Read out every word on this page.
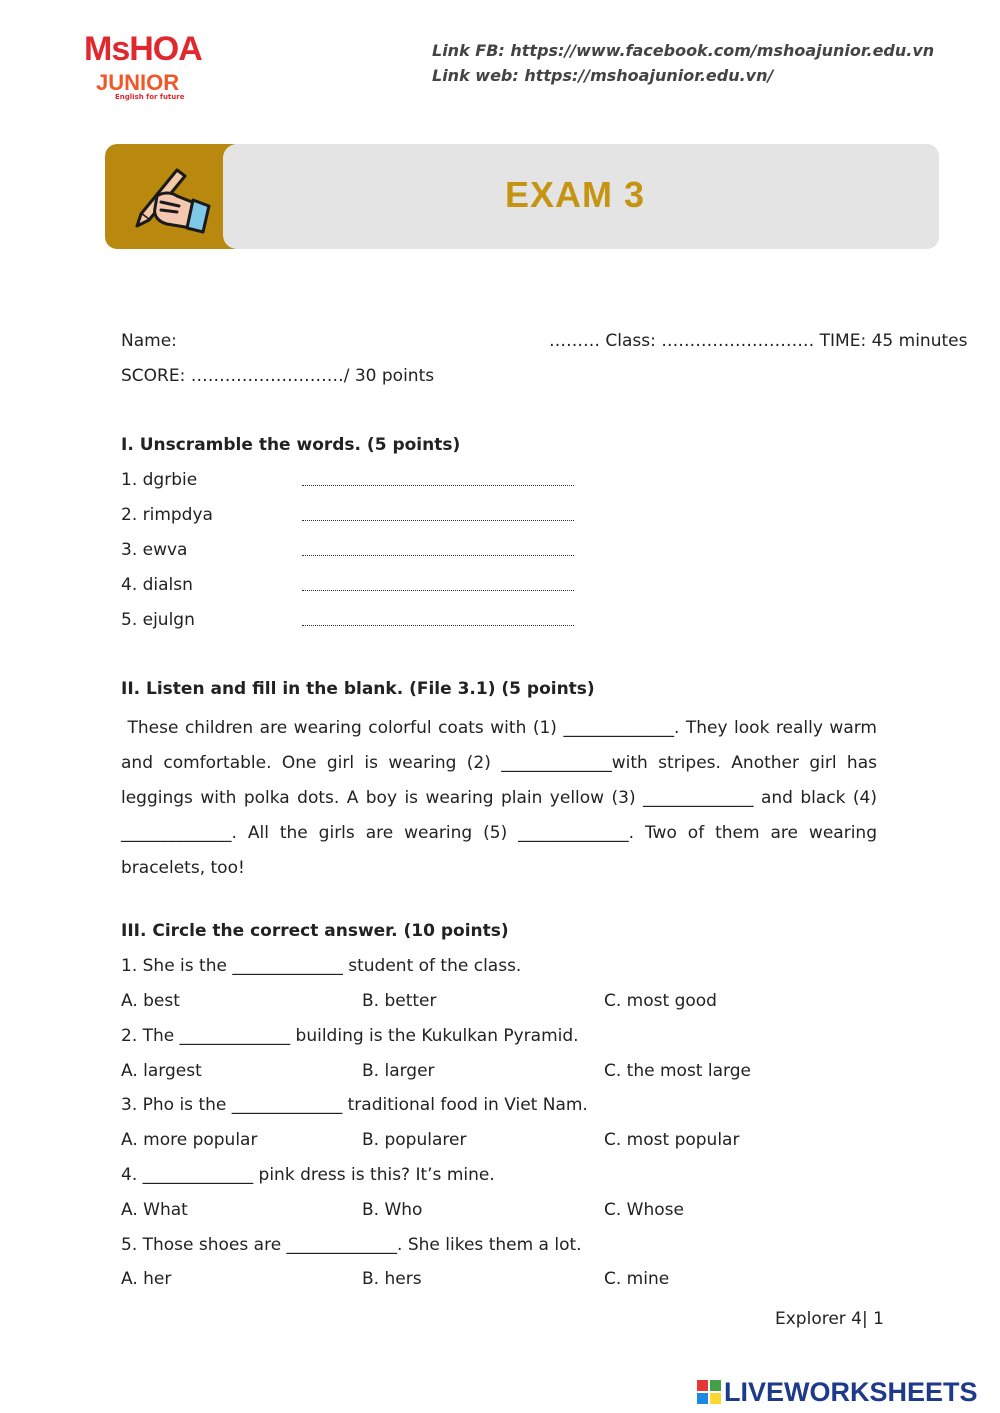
MsHOA
JUNIOR
English for future
Link FB: https://www.facebook.com/mshoajunior.edu.vn
Link web: https://mshoajunior.edu.vn/
EXAM 3
Name:	……… Class: ……………………… TIME: 45 minutes
SCORE: ………………………/ 30 points
I. Unscramble the words. (5 points)
1. dgrbie
2. rimpdya
3. ewva
4. dialsn
5. ejulgn
II. Listen and fill in the blank. (File 3.1) (5 points)
These children are wearing colorful coats with (1) _____________. They look really warm and comfortable. One girl is wearing (2) _____________with stripes. Another girl has leggings with polka dots. A boy is wearing plain yellow (3) _____________ and black (4) _____________. All the girls are wearing (5) _____________. Two of them are wearing bracelets, too!
III. Circle the correct answer. (10 points)
1. She is the _____________ student of the class.
A. best	B. better	C. most good
2. The _____________ building is the Kukulkan Pyramid.
A. largest	B. larger	C. the most large
3. Pho is the _____________ traditional food in Viet Nam.
A. more popular	B. popularer	C. most popular
4. _____________ pink dress is this? It’s mine.
A. What	B. Who	C. Whose
5. Those shoes are _____________. She likes them a lot.
A. her	B. hers	C. mine
Explorer 4| 1
LIVEWORKSHEETS
